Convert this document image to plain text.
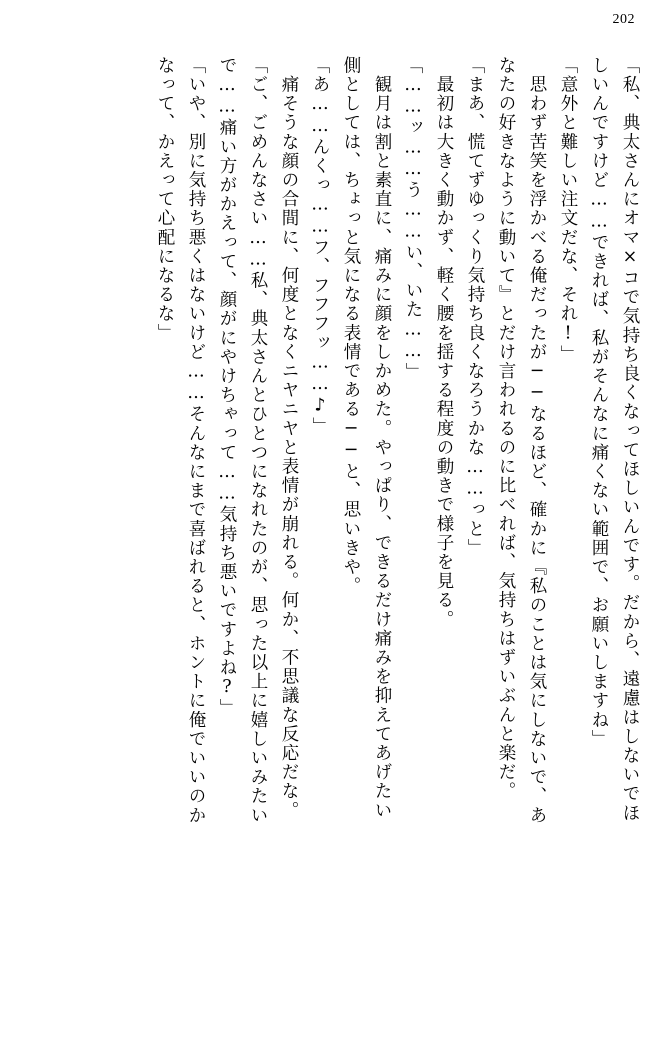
202
「私、典太さんにオマ×コで気持ち良くなってほしいんです。だから、遠慮はしないでほ
しいんですけど……できれば、私がそんなに痛くない範囲で、お願いしますね」
「意外と難しい注文だな、それ!」
　思わず苦笑を浮かべる俺だったが──なるほど、確かに『私のことは気にしないで、あ
なたの好きなように動いて』とだけ言われるのに比べれば、気持ちはずいぶんと楽だ。
「まあ、慌てずゆっくり気持ち良くなろうかな……っと」
　最初は大きく動かず、軽く腰を揺する程度の動きで様子を見る。
「……ッ……う……い、いた……」
　観月は割と素直に、痛みに顔をしかめた。やっぱり、できるだけ痛みを抑えてあげたい
側としては、ちょっと気になる表情である──と、思いきや。
「あ……んくっ……フ、フフフッ……♪」
　痛そうな顔の合間に、何度となくニヤニヤと表情が崩れる。何か、不思議な反応だな。
「ご、ごめんなさい……私、典太さんとひとつになれたのが、思った以上に嬉しいみたい
で……痛い方がかえって、顔がにやけちゃって……気持ち悪いですよね?」
「いや、別に気持ち悪くはないけど……そんなにまで喜ばれると、ホントに俺でいいのか
なって、かえって心配になるな」
